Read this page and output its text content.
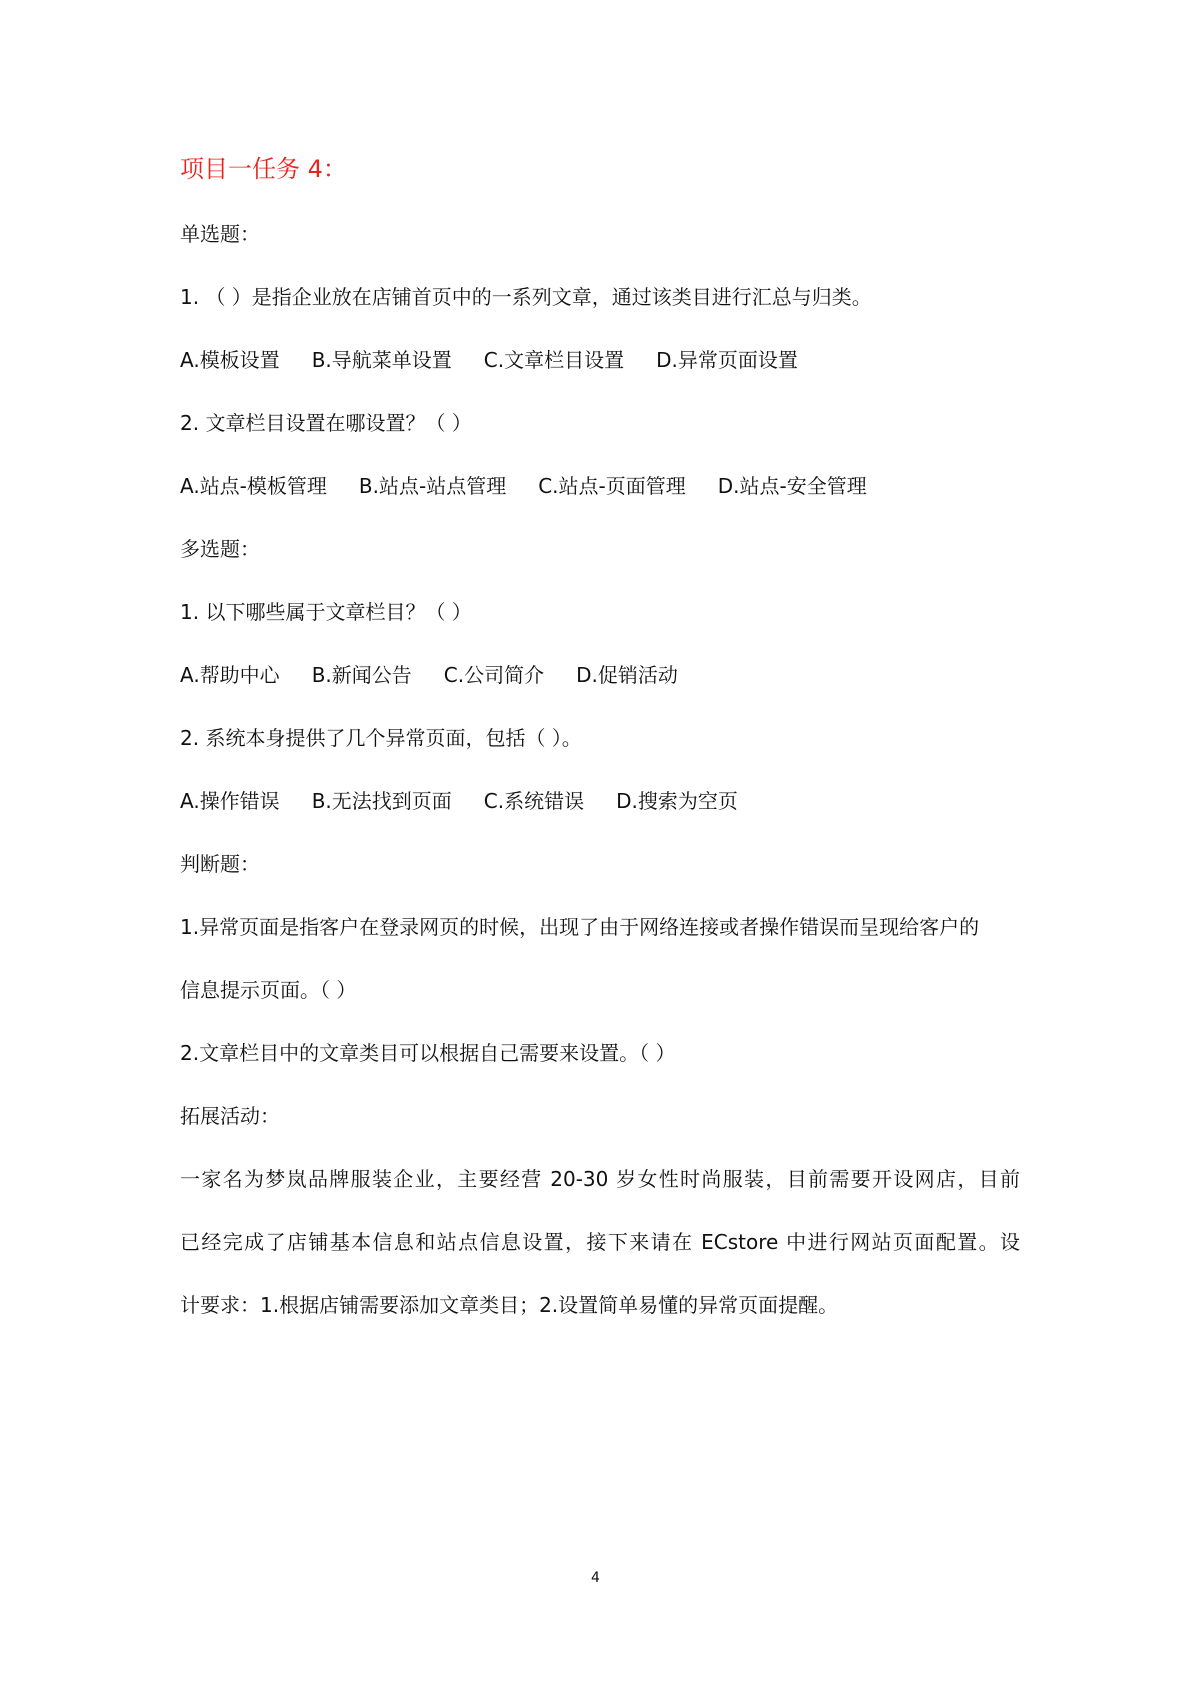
项目一任务 4：
单选题：
1. （ ）是指企业放在店铺首页中的一系列文章，通过该类目进行汇总与归类。
A.模板设置 B.导航菜单设置 C.文章栏目设置 D.异常页面设置
2. 文章栏目设置在哪设置？（ ）
A.站点-模板管理 B.站点-站点管理 C.站点-页面管理 D.站点-安全管理
多选题：
1. 以下哪些属于文章栏目？（ ）
A.帮助中心 B.新闻公告 C.公司简介 D.促销活动
2. 系统本身提供了几个异常页面，包括（ ）。
A.操作错误 B.无法找到页面 C.系统错误 D.搜索为空页
判断题：
1.异常页面是指客户在登录网页的时候，出现了由于网络连接或者操作错误而呈现给客户的
信息提示页面。（ ）
2.文章栏目中的文章类目可以根据自己需要来设置。（ ）
拓展活动：
一家名为梦岚品牌服装企业，主要经营 20-30 岁女性时尚服装，目前需要开设网店，目前
已经完成了店铺基本信息和站点信息设置，接下来请在 ECstore 中进行网站页面配置。设
计要求：1.根据店铺需要添加文章类目；2.设置简单易懂的异常页面提醒。
4
